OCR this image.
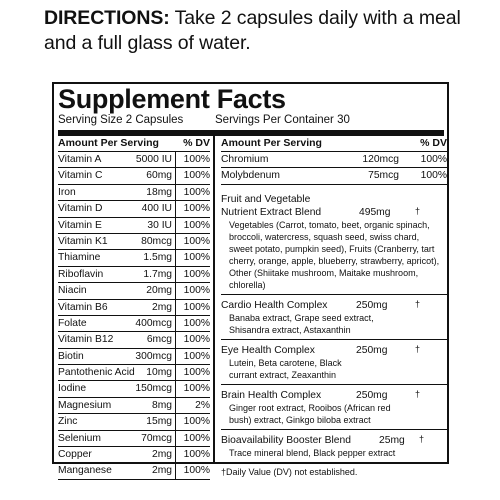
DIRECTIONS: Take 2 capsules daily with a meal and a full glass of water.
Supplement Facts
Serving Size 2 Capsules	Servings Per Container 30
Amount Per Serving % DV
Vitamin A	5000 IU 100%
Vitamin C	60mg 100%
Iron	18mg 100%
Vitamin D	400 IU 100%
Vitamin E	30 IU 100%
Vitamin K1	80mcg 100%
Thiamine	1.5mg 100%
Riboflavin	1.7mg 100%
Niacin	20mg 100%
Vitamin B6	2mg 100%
Folate	400mcg 100%
Vitamin B12	6mcg 100%
Biotin	300mcg 100%
Pantothenic Acid 10mg 100%
Iodine	150mcg 100%
Magnesium	8mg 2%
Zinc	15mg 100%
Selenium	70mcg 100%
Copper	2mg 100%
Manganese	2mg 100%
Amount Per Serving	% DV
Chromium	120mcg 100%
Molybdenum	75mcg 100%
Fruit and Vegetable
Nutrient Extract Blend	495mg	†
Vegetables (Carrot, tomato, beet, organic spinach, broccoli, watercress, squash seed, swiss chard, sweet potato, pumpkin seed), Fruits (Cranberry, tart cherry, orange, apple, blueberry, strawberry, apricot), Other (Shiitake mushroom, Maitake mushroom, chlorella)
Cardio Health Complex	250mg	†
Banaba extract, Grape seed extract, Shisandra extract, Astaxanthin
Eye Health Complex	250mg	†
Lutein, Beta carotene, Black currant extract, Zeaxanthin
Brain Health Complex	250mg	†
Ginger root extract, Rooibos (African red bush) extract, Ginkgo biloba extract
Bioavailability Booster Blend	25mg †
Trace mineral blend, Black pepper extract
†Daily Value (DV) not established.
